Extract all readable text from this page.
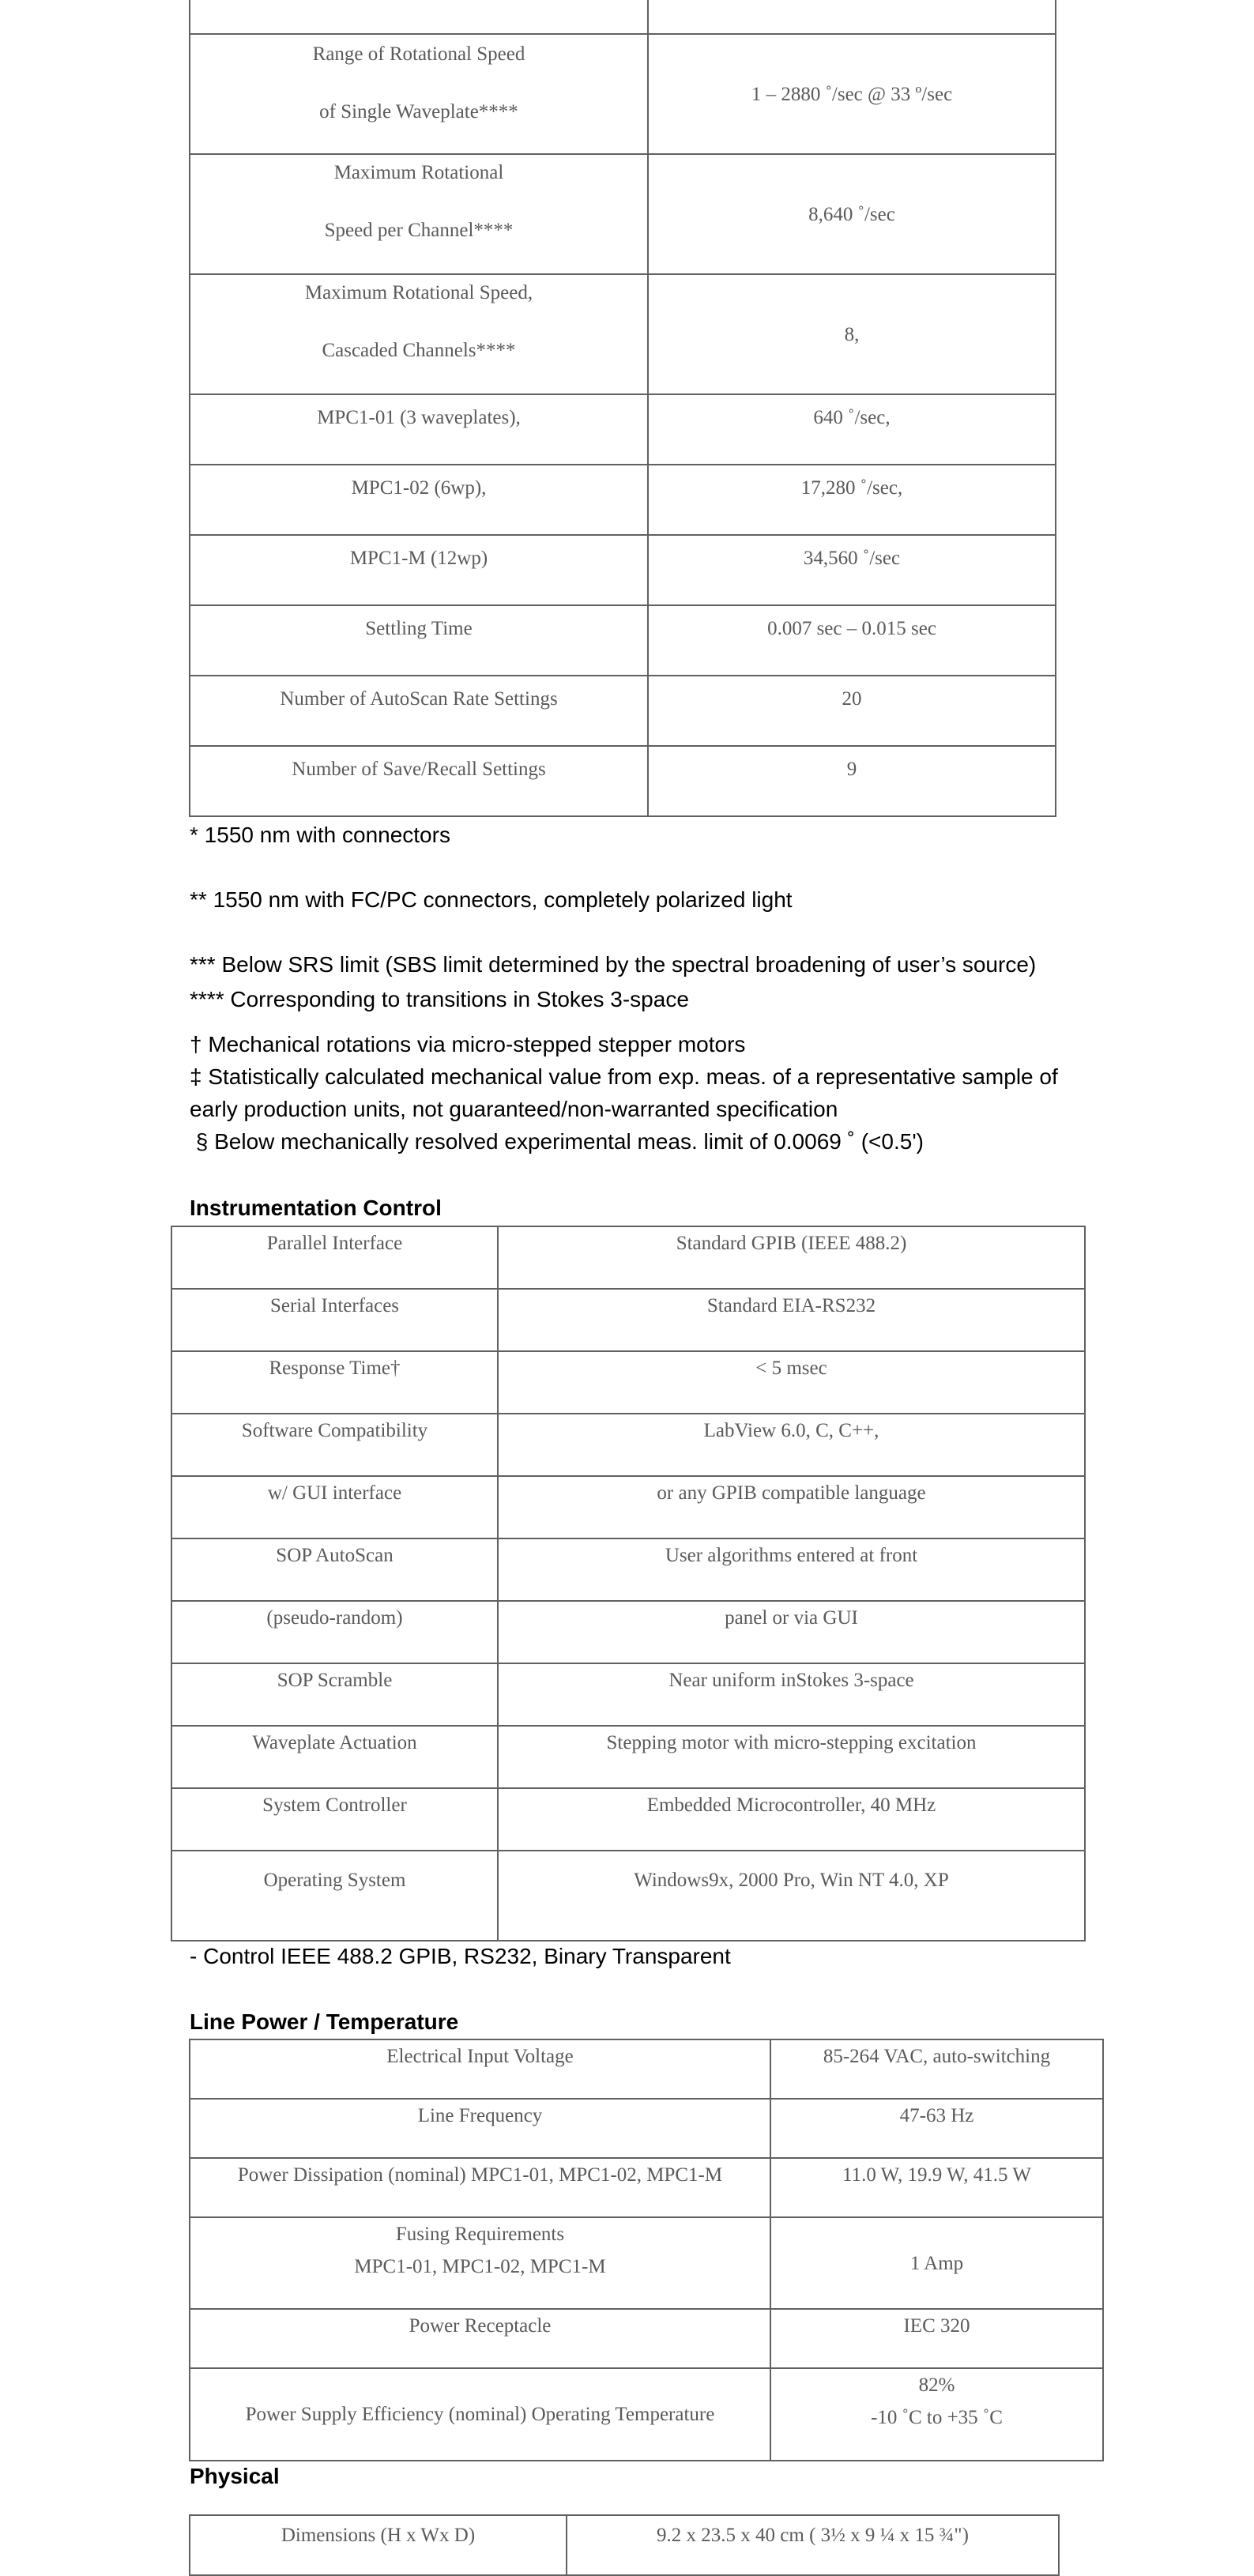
Range of Rotational Speed
of Single Waveplate****	1 – 2880 ˚/sec @ 33 º/sec

Maximum Rotational
Speed per Channel****	8,640 ˚/sec

Maximum Rotational Speed,
Cascaded Channels****	8,

MPC1-01 (3 waveplates),	640 ˚/sec,

MPC1-02 (6wp),	17,280 ˚/sec,

MPC1-M (12wp)	34,560 ˚/sec

Settling Time	0.007 sec – 0.015 sec

Number of AutoScan Rate Settings	20

Number of Save/Recall Settings	9
* 1550 nm with connectors
** 1550 nm with FC/PC connectors, completely polarized light
*** Below SRS limit (SBS limit determined by the spectral broadening of user’s source)
**** Corresponding to transitions in Stokes 3-space
† Mechanical rotations via micro-stepped stepper motors
‡ Statistically calculated mechanical value from exp. meas. of a representative sample of
early production units, not guaranteed/non-warranted specification
§ Below mechanically resolved experimental meas. limit of 0.0069 ˚ (<0.5')
Instrumentation Control
Parallel Interface	Standard GPIB (IEEE 488.2)

Serial Interfaces	Standard EIA-RS232

Response Time†	< 5 msec

Software Compatibility	LabView 6.0, C, C++,

w/ GUI interface	or any GPIB compatible language

SOP AutoScan	User algorithms entered at front

(pseudo-random)	panel or via GUI

SOP Scramble	Near uniform inStokes 3-space

Waveplate Actuation	Stepping motor with micro-stepping excitation

System Controller	Embedded Microcontroller, 40 MHz

Operating System	Windows9x, 2000 Pro, Win NT 4.0, XP
- Control IEEE 488.2 GPIB, RS232, Binary Transparent
Line Power / Temperature
Electrical Input Voltage	85-264 VAC, auto-switching

Line Frequency	47-63 Hz

Power Dissipation (nominal) MPC1-01, MPC1-02, MPC1-M	11.0 W, 19.9 W, 41.5 W

Fusing Requirements
MPC1-01, MPC1-02, MPC1-M	1 Amp

Power Receptacle	IEC 320

Power Supply Efficiency (nominal) Operating Temperature	82%
-10 ˚C to +35 ˚C
Physical
Dimensions (H x Wx D)	9.2 x 23.5 x 40 cm ( 3½ x 9 ¼ x 15 ¾")
